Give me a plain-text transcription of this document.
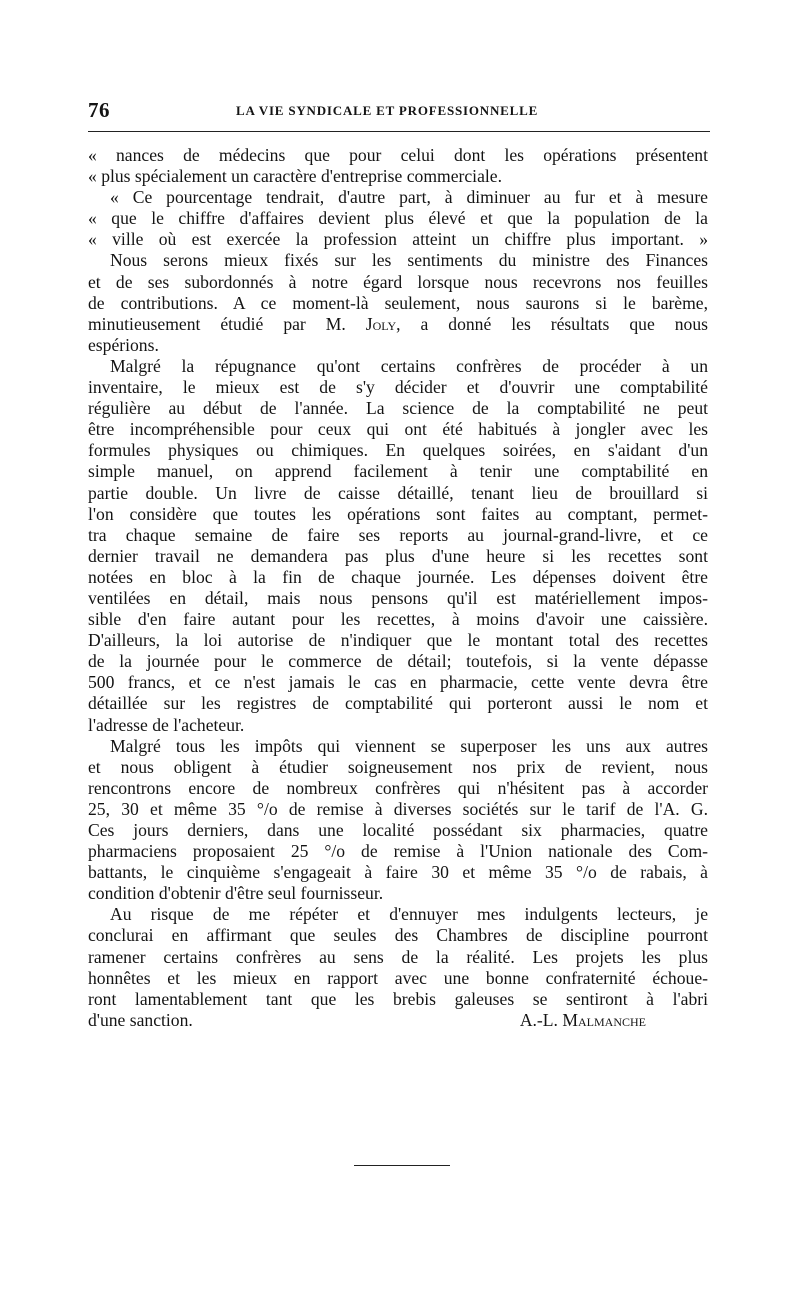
76	LA VIE SYNDICALE ET PROFESSIONNELLE
« nances de médecins que pour celui dont les opérations présentent
« plus spécialement un caractère d'entreprise commerciale.
« Ce pourcentage tendrait, d'autre part, à diminuer au fur et à mesure
« que le chiffre d'affaires devient plus élevé et que la population de la
« ville où est exercée la profession atteint un chiffre plus important. »
Nous serons mieux fixés sur les sentiments du ministre des Finances
et de ses subordonnés à notre égard lorsque nous recevrons nos feuilles
de contributions. A ce moment-là seulement, nous saurons si le barème,
minutieusement étudié par M. Joly, a donné les résultats que nous
espérions.
Malgré la répugnance qu'ont certains confrères de procéder à un
inventaire, le mieux est de s'y décider et d'ouvrir une comptabilité
régulière au début de l'année. La science de la comptabilité ne peut
être incompréhensible pour ceux qui ont été habitués à jongler avec les
formules physiques ou chimiques. En quelques soirées, en s'aidant d'un
simple manuel, on apprend facilement à tenir une comptabilité en
partie double. Un livre de caisse détaillé, tenant lieu de brouillard si
l'on considère que toutes les opérations sont faites au comptant, permet-
tra chaque semaine de faire ses reports au journal-grand-livre, et ce
dernier travail ne demandera pas plus d'une heure si les recettes sont
notées en bloc à la fin de chaque journée. Les dépenses doivent être
ventilées en détail, mais nous pensons qu'il est matériellement impos-
sible d'en faire autant pour les recettes, à moins d'avoir une caissière.
D'ailleurs, la loi autorise de n'indiquer que le montant total des recettes
de la journée pour le commerce de détail; toutefois, si la vente dépasse
500 francs, et ce n'est jamais le cas en pharmacie, cette vente devra être
détaillée sur les registres de comptabilité qui porteront aussi le nom et
l'adresse de l'acheteur.
Malgré tous les impôts qui viennent se superposer les uns aux autres
et nous obligent à étudier soigneusement nos prix de revient, nous
rencontrons encore de nombreux confrères qui n'hésitent pas à accorder
25, 30 et même 35 °/o de remise à diverses sociétés sur le tarif de l'A. G.
Ces jours derniers, dans une localité possédant six pharmacies, quatre
pharmaciens proposaient 25 °/o de remise à l'Union nationale des Com-
battants, le cinquième s'engageait à faire 30 et même 35 °/o de rabais, à
condition d'obtenir d'être seul fournisseur.
Au risque de me répéter et d'ennuyer mes indulgents lecteurs, je
conclurai en affirmant que seules des Chambres de discipline pourront
ramener certains confrères au sens de la réalité. Les projets les plus
honnêtes et les mieux en rapport avec une bonne confraternité échoue-
ront lamentablement tant que les brebis galeuses se sentiront à l'abri
d'une sanction.	A.-L. Malmanche
